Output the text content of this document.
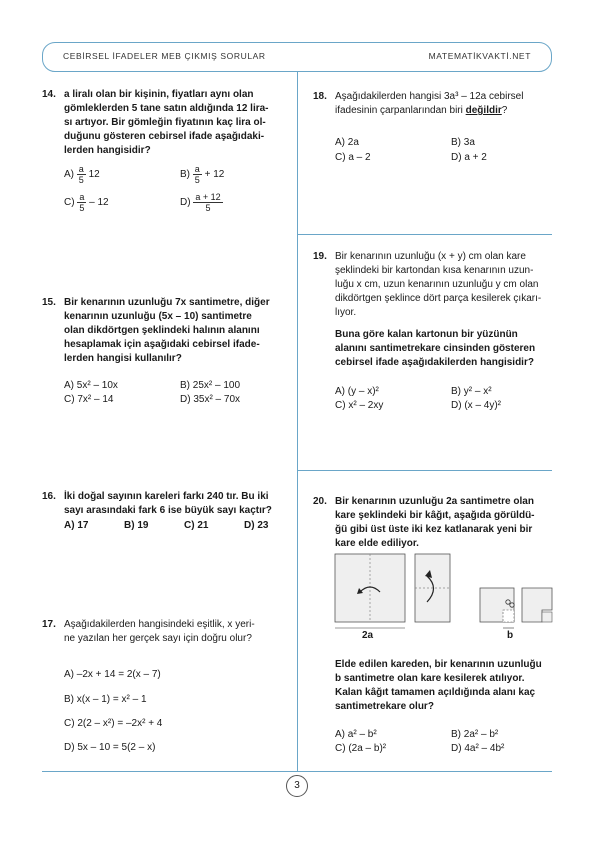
CEBİRSEL İFADELER MEB ÇIKMIŞ SORULAR	MATEMATİKVAKTİ.NET
3
14. a liralı olan bir kişinin, fiyatları aynı olan
gömleklerden 5 tane satın aldığında 12 lira-
sı artıyor. Bir gömleğin fiyatının kaç lira ol-
duğunu gösteren cebirsel ifade aşağıdaki-
lerden hangisidir?
$A) \frac{a}{5} 12$	$B) \frac{a}{5} + 12$
$C) \frac{a}{5} - 12$	$D) \frac{a + 12}{5}$
15. Bir kenarının uzunluğu 7x santimetre, diğer
kenarının uzunluğu (5x – 10) santimetre
olan dikdörtgen şeklindeki halının alanını
hesaplamak için aşağıdaki cebirsel ifade-
lerden hangisi kullanılır?
A) 5x² – 10x	B) 25x² – 100
C) 7x² – 14	D) 35x² – 70x
16. İki doğal sayının kareleri farkı 240 tır. Bu iki
sayı arasındaki fark 6 ise büyük sayı kaçtır?
A) 17	B) 19	C) 21	D) 23
17. Aşağıdakilerden hangisindeki eşitlik, x yeri-
ne yazılan her gerçek sayı için doğru olur?
A) –2x + 14 = 2(x – 7)
B) x(x – 1) = x² – 1
C) 2(2 – x²) = –2x² + 4
D) 5x – 10 = 5(2 – x)
18. Aşağıdakilerden hangisi 3a³ – 12a cebirsel
ifadesinin çarpanlarından biri değildir?
A) 2a	B) 3a
C) a – 2	D) a + 2
19. Bir kenarının uzunluğu (x + y) cm olan kare
şeklindeki bir kartondan kısa kenarının uzun-
luğu x cm, uzun kenarının uzunluğu y cm olan
dikdörtgen şeklince dört parça kesilerek çıkarı-
lıyor.
Buna göre kalan kartonun bir yüzünün
alanını santimetrekare cinsinden gösteren
cebirsel ifade aşağıdakilerden hangisidir?
A) (y – x)²	B) y² – x²
C) x² – 2xy	D) (x – 4y)²
20. Bir kenarının uzunluğu 2a santimetre olan
kare şeklindeki bir kâğıt, aşağıda görüldü-
ğü gibi üst üste iki kez katlanarak yeni bir
kare elde ediliyor.
2a	b
Elde edilen kareden, bir kenarının uzunluğu
b santimetre olan kare kesilerek atılıyor.
Kalan kâğıt tamamen açıldığında alanı kaç
santimetrekare olur?
A) a² – b²	B) 2a² – b²
C) (2a – b)²	D) 4a² – 4b²
